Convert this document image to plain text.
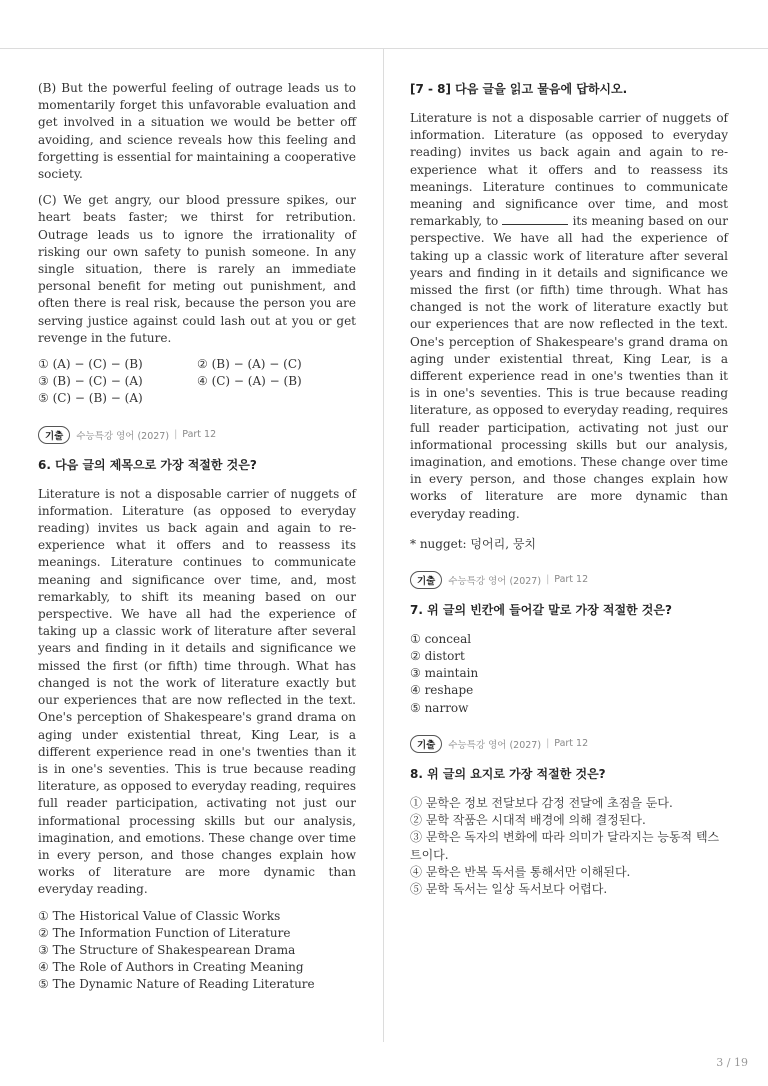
(B) But the powerful feeling of outrage leads us to momentarily forget this unfavorable evaluation and get involved in a situation we would be better off avoiding, and science reveals how this feeling and forgetting is essential for maintaining a cooperative society.

(C) We get angry, our blood pressure spikes, our heart beats faster; we thirst for retribution. Outrage leads us to ignore the irrationality of risking our own safety to punish someone. In any single situation, there is rarely an immediate personal benefit for meting out punishment, and often there is real risk, because the person you are serving justice against could lash out at you or get revenge in the future.

① (A) − (C) − (B)	② (B) − (A) − (C)
③ (B) − (C) − (A)	④ (C) − (A) − (B)
⑤ (C) − (B) − (A)
기출	수능특강 영어 (2027) | Part 12
6. 다음 글의 제목으로 가장 적절한 것은?

Literature is not a disposable carrier of nuggets of information. Literature (as opposed to everyday reading) invites us back again and again to re-experience what it offers and to reassess its meanings. Literature continues to communicate meaning and significance over time, and, most remarkably, to shift its meaning based on our perspective. We have all had the experience of taking up a classic work of literature after several years and finding in it details and significance we missed the first (or fifth) time through. What has changed is not the work of literature exactly but our experiences that are now reflected in the text. One's perception of Shakespeare's grand drama on aging under existential threat, King Lear, is a different experience read in one's twenties than it is in one's seventies. This is true because reading literature, as opposed to everyday reading, requires full reader participation, activating not just our informational processing skills but our analysis, imagination, and emotions. These change over time in every person, and those changes explain how works of literature are more dynamic than everyday reading.

① The Historical Value of Classic Works
② The Information Function of Literature
③ The Structure of Shakespearean Drama
④ The Role of Authors in Creating Meaning
⑤ The Dynamic Nature of Reading Literature
[7 - 8] 다음 글을 읽고 물음에 답하시오.

Literature is not a disposable carrier of nuggets of information. Literature (as opposed to everyday reading) invites us back again and again to re-experience what it offers and to reassess its meanings. Literature continues to communicate meaning and significance over time, and most remarkably, to	its meaning based on our perspective. We have all had the experience of taking up a classic work of literature after several years and finding in it details and significance we missed the first (or fifth) time through. What has changed is not the work of literature exactly but our experiences that are now reflected in the text. One's perception of Shakespeare's grand drama on aging under existential threat, King Lear, is a different experience read in one's twenties than it is in one's seventies. This is true because reading literature, as opposed to everyday reading, requires full reader participation, activating not just our informational processing skills but our analysis, imagination, and emotions. These change over time in every person, and those changes explain how works of literature are more dynamic than everyday reading.

* nugget: 덩어리, 뭉치
기출	수능특강 영어 (2027) | Part 12
7. 위 글의 빈칸에 들어갈 말로 가장 적절한 것은?
① conceal
② distort
③ maintain
④ reshape
⑤ narrow
기출	수능특강 영어 (2027) | Part 12
8. 위 글의 요지로 가장 적절한 것은?
① 문학은 정보 전달보다 감정 전달에 초점을 둔다.
② 문학 작품은 시대적 배경에 의해 결정된다.
③ 문학은 독자의 변화에 따라 의미가 달라지는 능동적 텍스트이다.
④ 문학은 반복 독서를 통해서만 이해된다.
⑤ 문학 독서는 일상 독서보다 어렵다.
3 / 19
